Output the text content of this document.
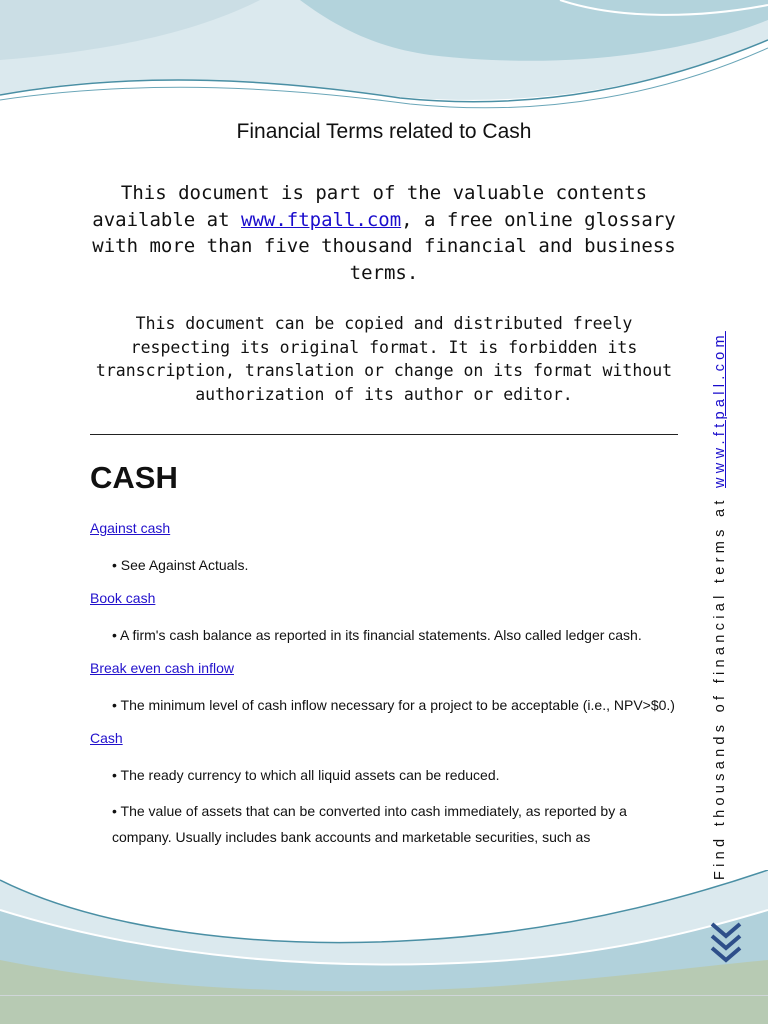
Financial Terms related to Cash

This document is part of the valuable contents available at www.ftpall.com, a free online glossary with more than five thousand financial and business terms.

This document can be copied and distributed freely respecting its original format. It is forbidden its transcription, translation or change on its format without authorization of its author or editor.

CASH
Against cash
• See Against Actuals.
Book cash
• A firm's cash balance as reported in its financial statements. Also called ledger cash.
Break even cash inflow
• The minimum level of cash inflow necessary for a project to be acceptable (i.e., NPV>$0.)
Cash
• The ready currency to which all liquid assets can be reduced.
• The value of assets that can be converted into cash immediately, as reported by a company. Usually includes bank accounts and marketable securities, such as	Find thousands of financial terms at www.ftpall.com
